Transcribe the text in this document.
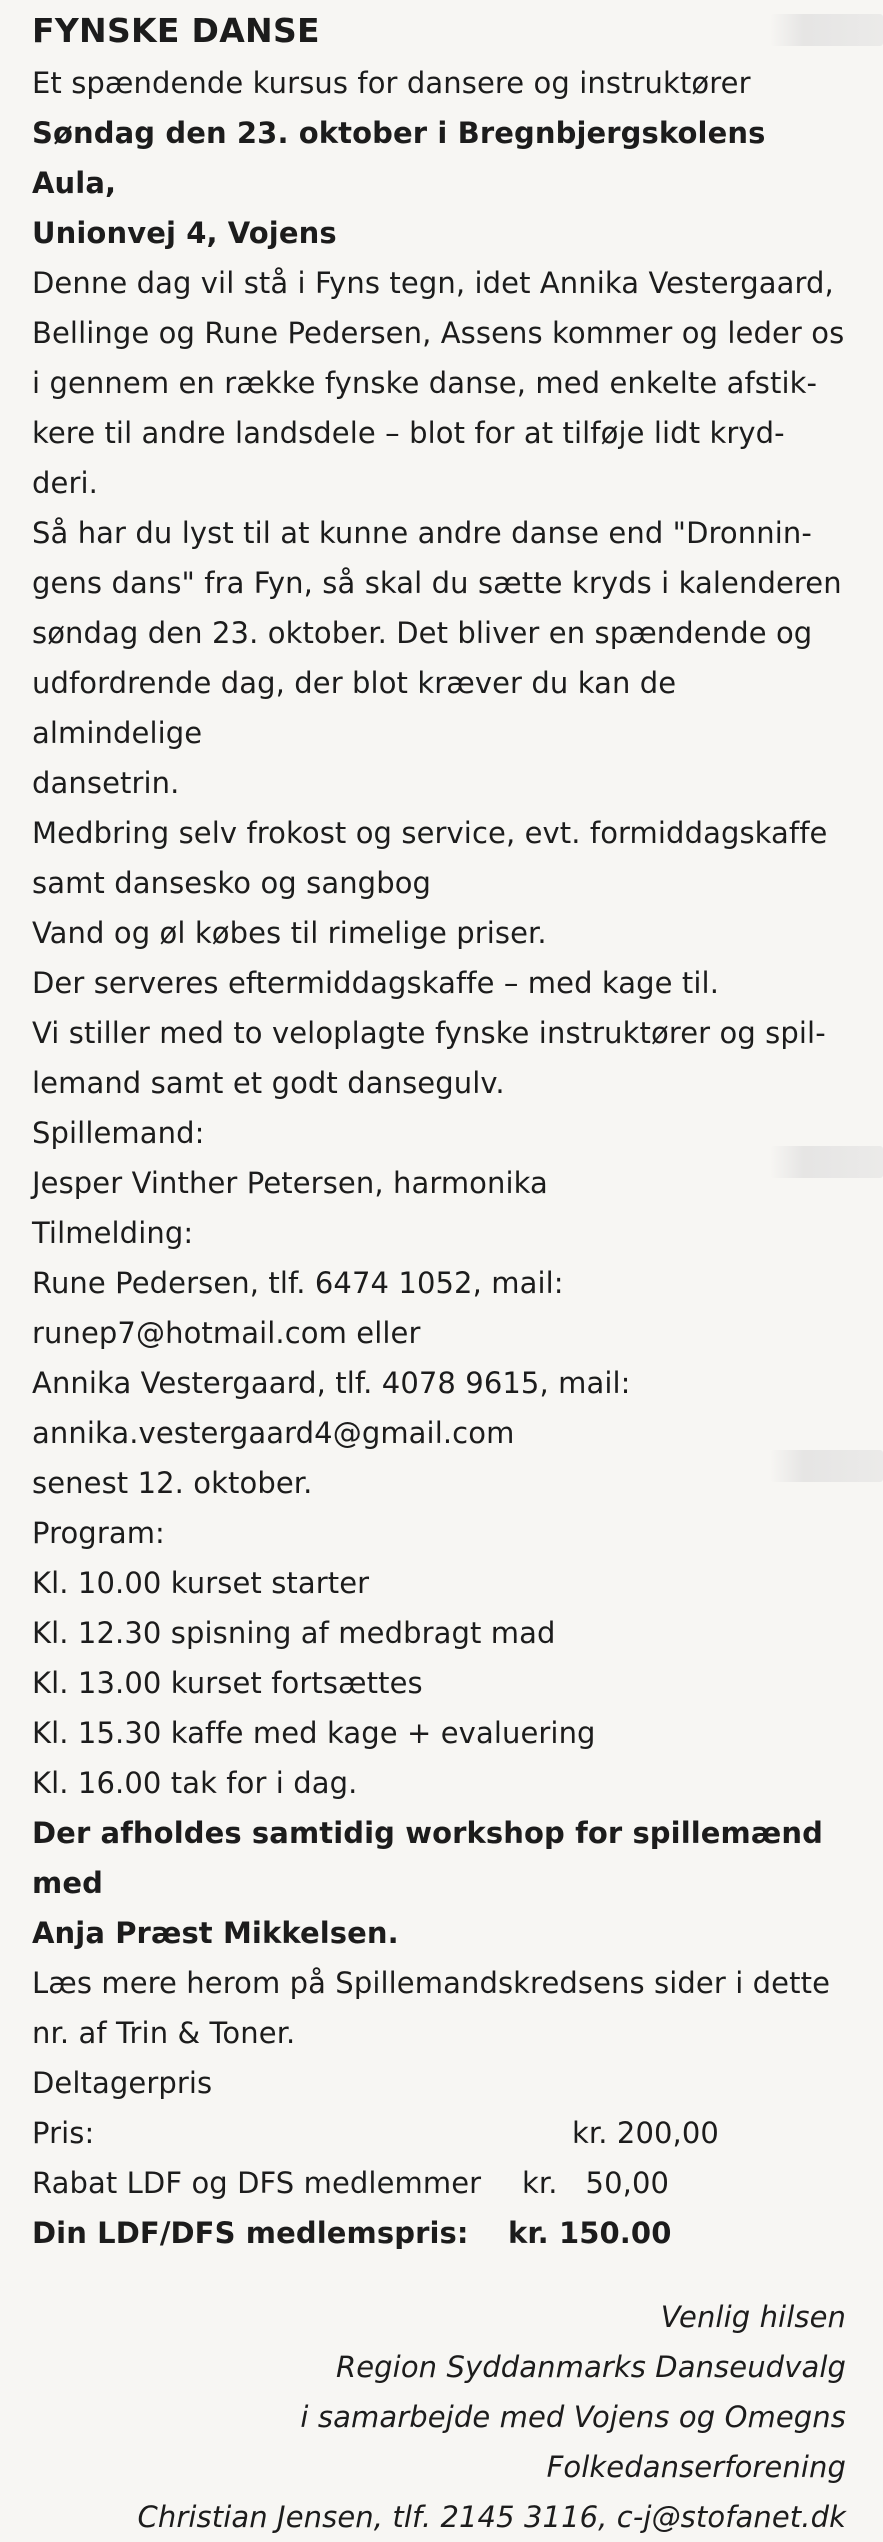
FYNSKE DANSE
Et spændende kursus for dansere og instruktører
Søndag den 23. oktober i Bregnbjergskolens Aula,
Unionvej 4, Vojens
Denne dag vil stå i Fyns tegn, idet Annika Vestergaard,
Bellinge og Rune Pedersen, Assens kommer og leder os
i gennem en række fynske danse, med enkelte afstik-
kere til andre landsdele – blot for at tilføje lidt kryd-
deri.
Så har du lyst til at kunne andre danse end "Dronnin-
gens dans" fra Fyn, så skal du sætte kryds i kalenderen
søndag den 23. oktober. Det bliver en spændende og
udfordrende dag, der blot kræver du kan de almindelige
dansetrin.
Medbring selv frokost og service, evt. formiddagskaffe
samt dansesko og sangbog
Vand og øl købes til rimelige priser.
Der serveres eftermiddagskaffe – med kage til.
Vi stiller med to veloplagte fynske instruktører og spil-
lemand samt et godt dansegulv.
Spillemand:
Jesper Vinther Petersen, harmonika
Tilmelding:
Rune Pedersen, tlf. 6474 1052, mail:
runep7@hotmail.com eller
Annika Vestergaard, tlf. 4078 9615, mail:
annika.vestergaard4@gmail.com
senest 12. oktober.
Program:
Kl. 10.00 kurset starter
Kl. 12.30 spisning af medbragt mad
Kl. 13.00 kurset fortsættes
Kl. 15.30 kaffe med kage + evaluering
Kl. 16.00 tak for i dag.
Der afholdes samtidig workshop for spillemænd med
Anja Præst Mikkelsen.
Læs mere herom på Spillemandskredsens sider i dette
nr. af Trin & Toner.
Deltagerpris
Pris:	kr. 200,00
Rabat LDF og DFS medlemmer	kr.   50,00
Din LDF/DFS medlemspris:	kr. 150.00
Venlig hilsen
Region Syddanmarks Danseudvalg
i samarbejde med Vojens og Omegns
Folkedanserforening
Christian Jensen, tlf. 2145 3116, c-j@stofanet.dk
